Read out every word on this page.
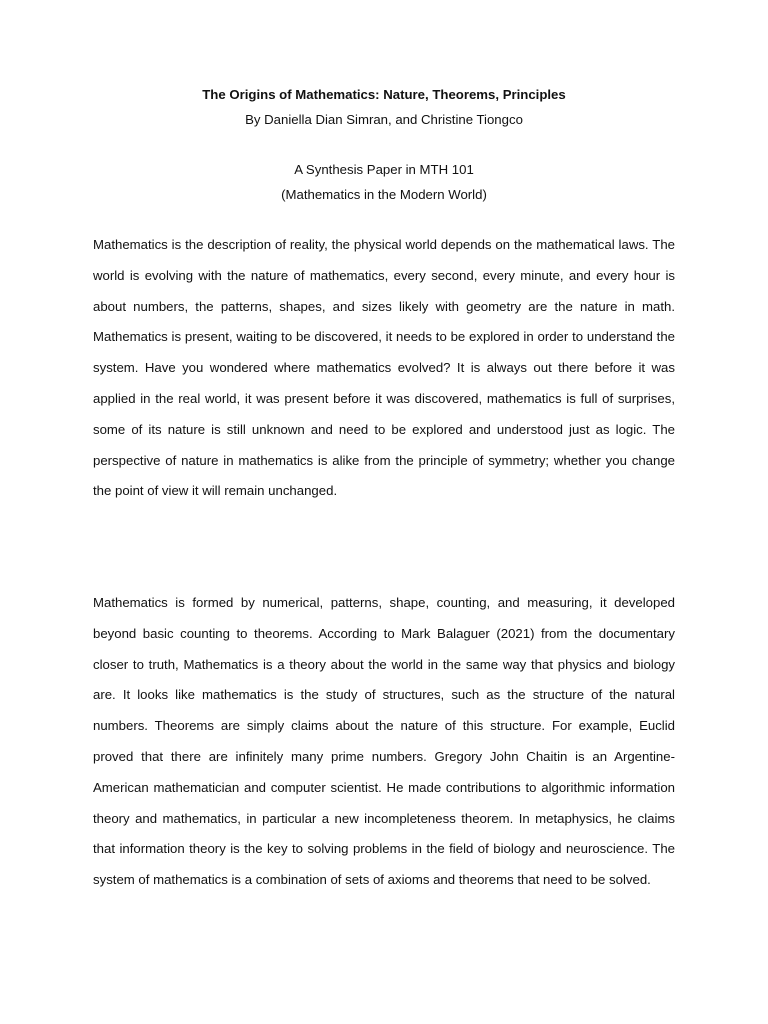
The Origins of Mathematics: Nature, Theorems, Principles
By Daniella Dian Simran, and Christine Tiongco
A Synthesis Paper in MTH 101
(Mathematics in the Modern World)

Mathematics is the description of reality, the physical world depends on the mathematical laws. The world is evolving with the nature of mathematics, every second, every minute, and every hour is about numbers, the patterns, shapes, and sizes likely with geometry are the nature in math. Mathematics is present, waiting to be discovered, it needs to be explored in order to understand the system. Have you wondered where mathematics evolved? It is always out there before it was applied in the real world, it was present before it was discovered, mathematics is full of surprises, some of its nature is still unknown and need to be explored and understood just as logic. The perspective of nature in mathematics is alike from the principle of symmetry; whether you change the point of view it will remain unchanged.

Mathematics is formed by numerical, patterns, shape, counting, and measuring, it developed beyond basic counting to theorems. According to Mark Balaguer (2021) from the documentary closer to truth, Mathematics is a theory about the world in the same way that physics and biology are. It looks like mathematics is the study of structures, such as the structure of the natural numbers. Theorems are simply claims about the nature of this structure. For example, Euclid proved that there are infinitely many prime numbers. Gregory John Chaitin is an Argentine-American mathematician and computer scientist. He made contributions to algorithmic information theory and mathematics, in particular a new incompleteness theorem. In metaphysics, he claims that information theory is the key to solving problems in the field of biology and neuroscience. The system of mathematics is a combination of sets of axioms and theorems that need to be solved.
